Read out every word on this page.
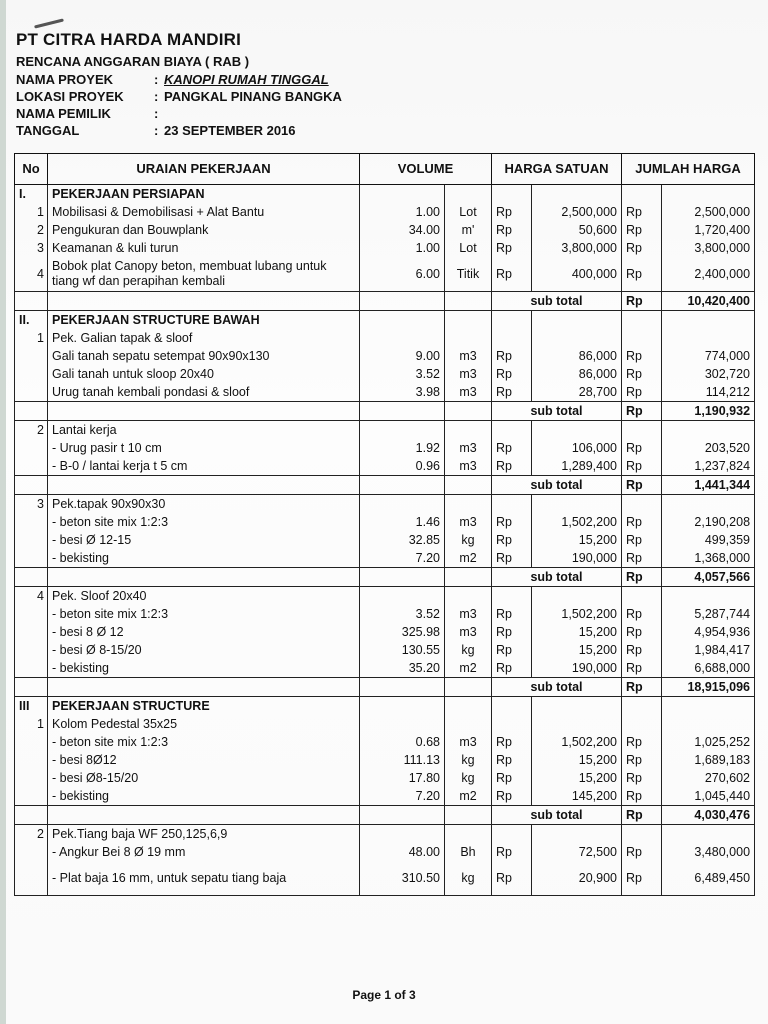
PT CITRA HARDA MANDIRI
RENCANA ANGGARAN BIAYA ( RAB )
NAMA PROYEK	: KANOPI RUMAH TINGGAL
LOKASI PROYEK	: PANGKAL PINANG BANGKA
NAMA PEMILIK	:
TANGGAL	: 23 SEPTEMBER 2016
No	URAIAN PEKERJAAN	VOLUME		HARGA SATUAN		JUMLAH HARGA	
I.	PEKERJAAN PERSIAPAN						
1	Mobilisasi & Demobilisasi + Alat Bantu	1.00	Lot	Rp	2,500,000	Rp	2,500,000
2	Pengukuran dan Bouwplank	34.00	m'	Rp	50,600	Rp	1,720,400
3	Keamanan & kuli turun	1.00	Lot	Rp	3,800,000	Rp	3,800,000
4	Bobok plat Canopy beton, membuat lubang untuk tiang wf dan perapihan kembali	6.00	Titik	Rp	400,000	Rp	2,400,000
				sub total		Rp	10,420,400
II.	PEKERJAAN STRUCTURE BAWAH						
1	Pek. Galian tapak & sloof						
	Gali tanah sepatu setempat 90x90x130	9.00	m3	Rp	86,000	Rp	774,000
	Gali tanah untuk sloop 20x40	3.52	m3	Rp	86,000	Rp	302,720
	Urug tanah kembali pondasi & sloof	3.98	m3	Rp	28,700	Rp	114,212
				sub total		Rp	1,190,932
2	Lantai kerja						
	- Urug pasir t 10 cm	1.92	m3	Rp	106,000	Rp	203,520
	- B-0 / lantai kerja t 5 cm	0.96	m3	Rp	1,289,400	Rp	1,237,824
				sub total		Rp	1,441,344
3	Pek.tapak 90x90x30						
	- beton site mix 1:2:3	1.46	m3	Rp	1,502,200	Rp	2,190,208
	- besi Ø 12-15	32.85	kg	Rp	15,200	Rp	499,359
	- bekisting	7.20	m2	Rp	190,000	Rp	1,368,000
				sub total		Rp	4,057,566
4	Pek. Sloof 20x40						
	- beton site mix 1:2:3	3.52	m3	Rp	1,502,200	Rp	5,287,744
	- besi 8 Ø 12	325.98	m3	Rp	15,200	Rp	4,954,936
	- besi Ø 8-15/20	130.55	kg	Rp	15,200	Rp	1,984,417
	- bekisting	35.20	m2	Rp	190,000	Rp	6,688,000
				sub total		Rp	18,915,096
III	PEKERJAAN STRUCTURE						
1	Kolom Pedestal 35x25						
	- beton site mix 1:2:3	0.68	m3	Rp	1,502,200	Rp	1,025,252
	- besi 8Ø12	111.13	kg	Rp	15,200	Rp	1,689,183
	- besi Ø8-15/20	17.80	kg	Rp	15,200	Rp	270,602
	- bekisting	7.20	m2	Rp	145,200	Rp	1,045,440
				sub total		Rp	4,030,476
2	Pek.Tiang baja WF 250,125,6,9						
	- Angkur Bei 8 Ø 19 mm	48.00	Bh	Rp	72,500	Rp	3,480,000
	- Plat baja 16 mm, untuk sepatu tiang baja	310.50	kg	Rp	20,900	Rp	6,489,450
Page 1 of 3
